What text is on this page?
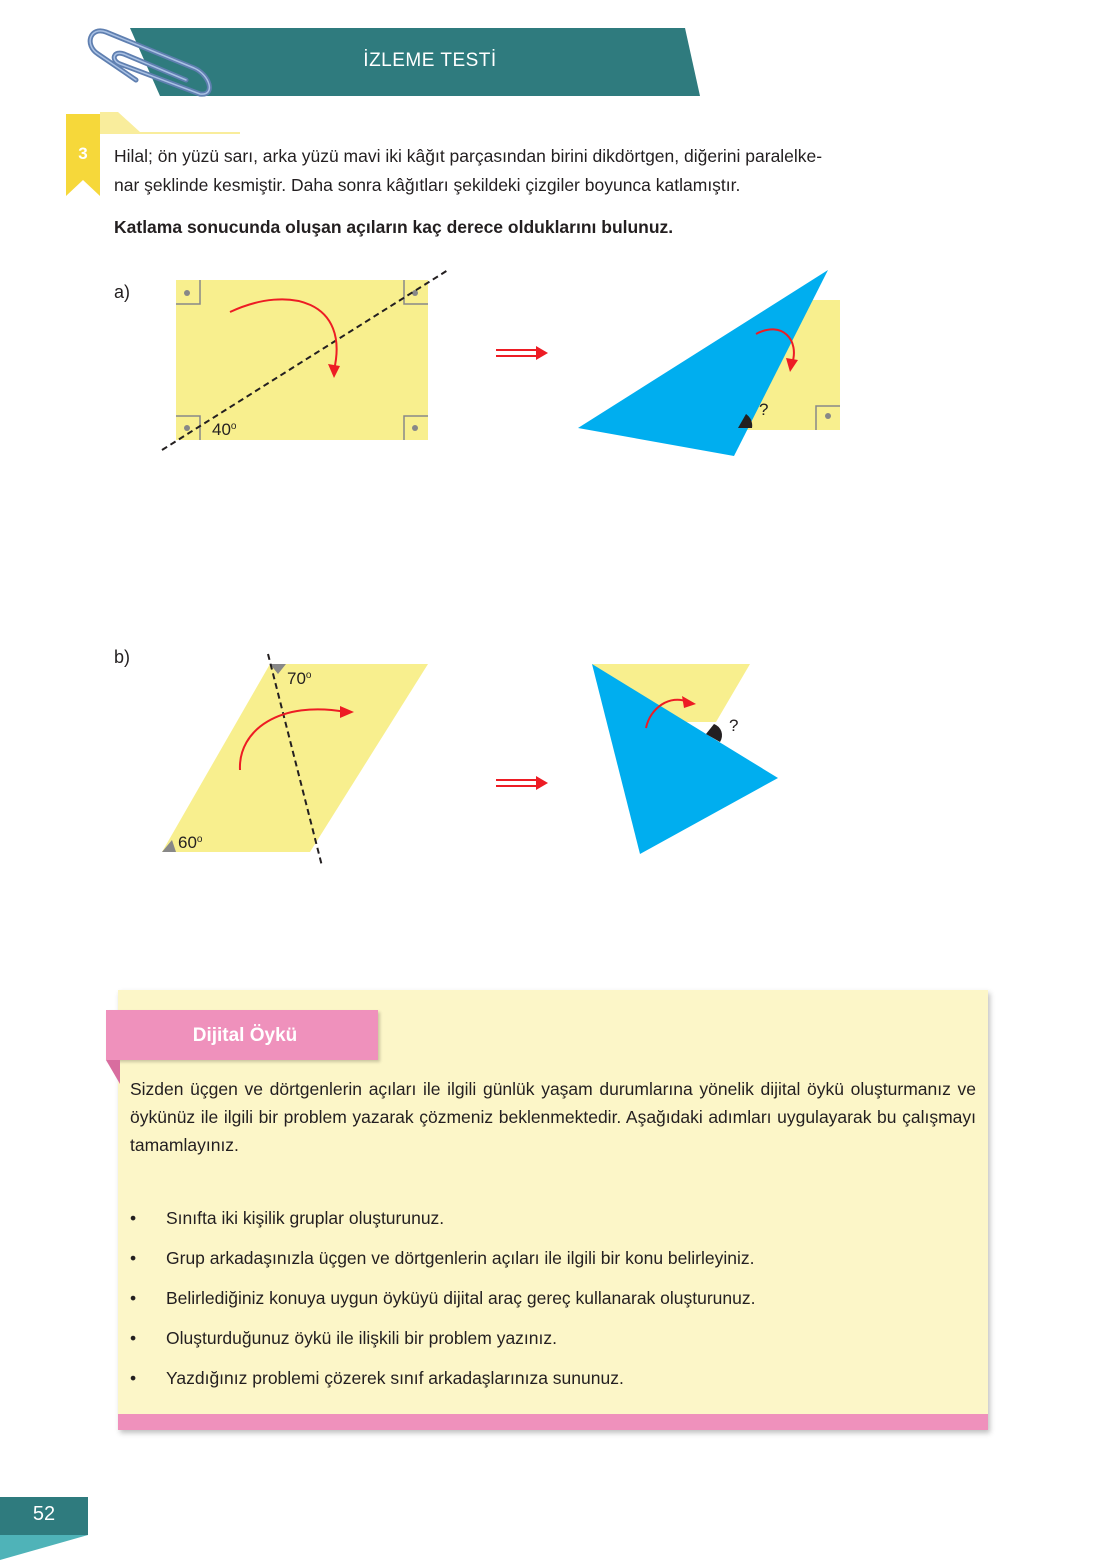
İZLEME TESTİ
3	Hilal; ön yüzü sarı, arka yüzü mavi iki kâğıt parçasından birini dikdörtgen, diğerini paralelke-
nar şeklinde kesmiştir. Daha sonra kâğıtları şekildeki çizgiler boyunca katlamıştır.
Katlama sonucunda oluşan açıların kaç derece olduklarını bulunuz.
a)
40$^o$
?
b)
70$^o$
60$^o$
?
Dijital Öykü
Sizden üçgen ve dörtgenlerin açıları ile ilgili günlük yaşam durumlarına yönelik dijital öykü oluşturmanız ve öykünüz ile ilgili bir problem yazarak çözmeniz beklenmektedir. Aşağıdaki adımları uygulayarak bu çalışmayı tamamlayınız.
•	Sınıfta iki kişilik gruplar oluşturunuz.
•	Grup arkadaşınızla üçgen ve dörtgenlerin açıları ile ilgili bir konu belirleyiniz.
•	Belirlediğiniz konuya uygun öyküyü dijital araç gereç kullanarak oluşturunuz.
•	Oluşturduğunuz öykü ile ilişkili bir problem yazınız.
•	Yazdığınız problemi çözerek sınıf arkadaşlarınıza sununuz.
52
